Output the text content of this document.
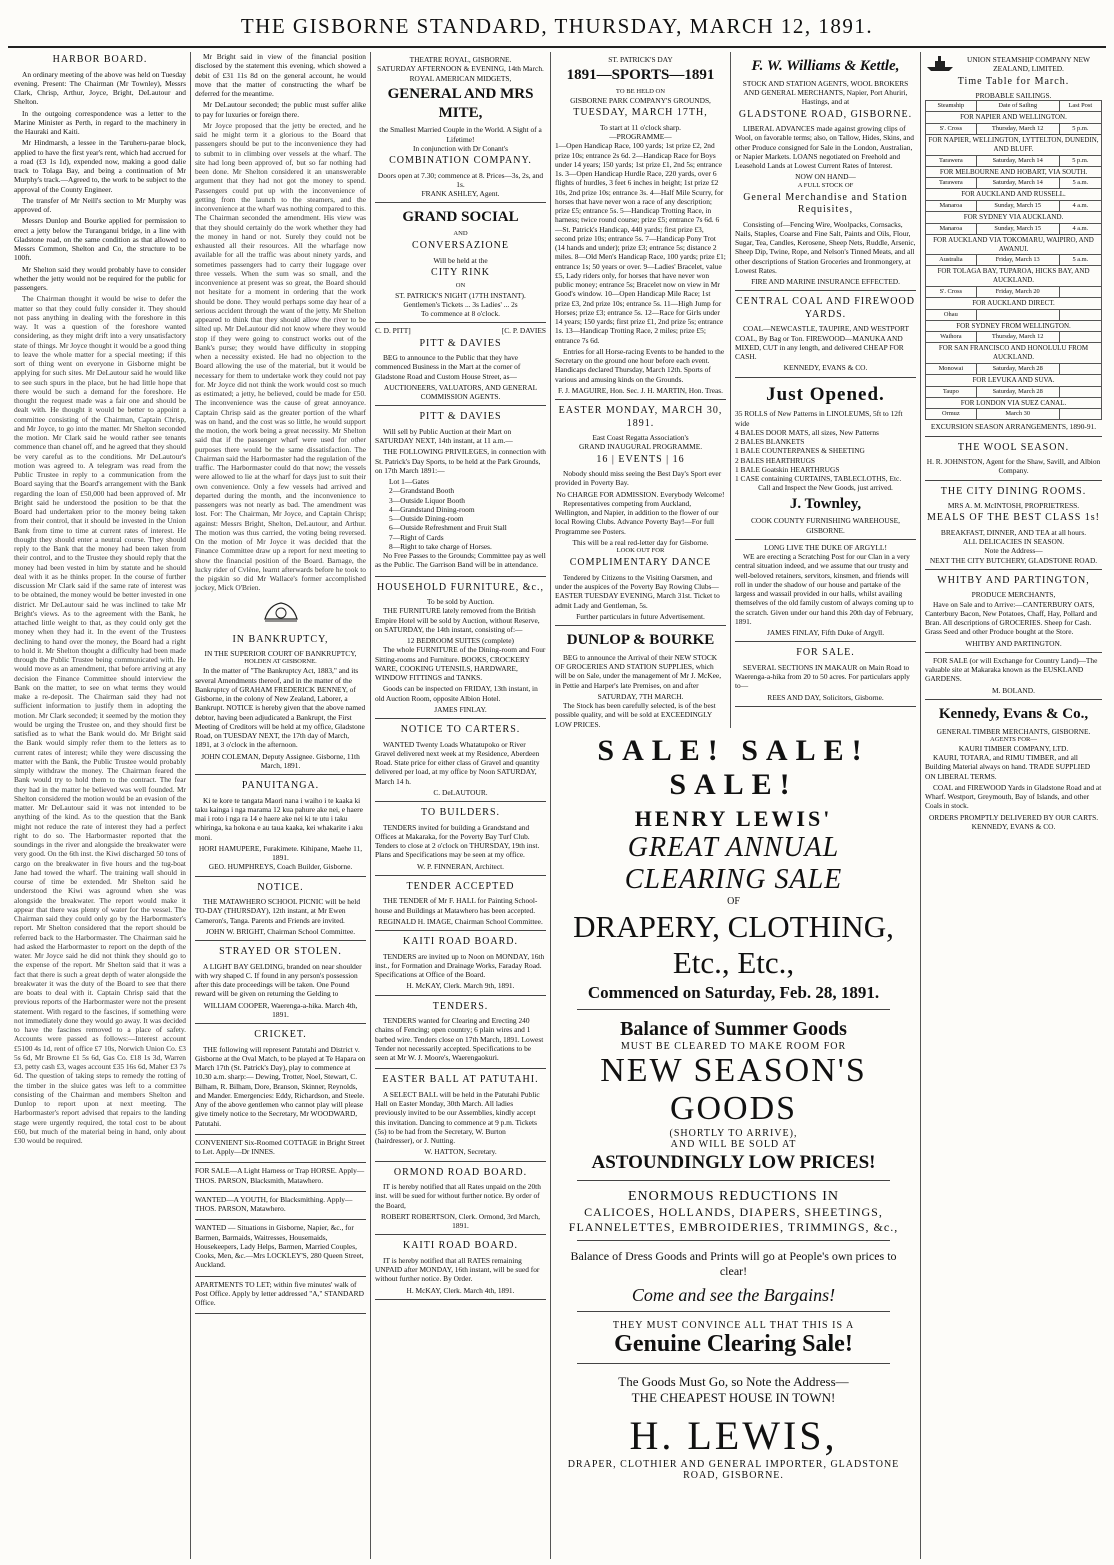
THE GISBORNE STANDARD, THURSDAY, MARCH 12, 1891.
HARBOR BOARD.

An ordinary meeting of the above was held on Tuesday evening. Present: The Chairman (Mr Townley), Messrs Clark, Chrisp, Arthur, Joyce, Bright, DeLautour and Shelton.

In the outgoing correspondence was a letter to the Marine Minister as Perth, in regard to the machinery in the Hauraki and Kaiti.

Mr Hindmarsh, a lessee in the Taruheru-parae block, applied to have the first year's rent, which had accrued for a road (£3 1s 1d), expended now, making a good dalie track to Tolaga Bay, and being a continuation of Mr Murphy's track.—Agreed to, the work to be subject to the approval of the County Engineer.

The transfer of Mr Neill's section to Mr Murphy was approved of.

Messrs Dunlop and Bourke applied for permission to erect a jetty below the Turanganui bridge, in a line with Gladstone road, on the same condition as that allowed to Messrs Common, Shelton and Co, the structure to be 100ft.

Mr Shelton said they would probably have to consider whether the jetty would not be required for the public for passengers.

The Chairman thought it would be wise to defer the matter so that they could fully consider it. They should not pass anything in dealing with the foreshore in this way. It was a question of the foreshore wanted considering, as they might drift into a very unsatisfactory state of things. Mr Joyce thought it would be a good thing to leave the whole matter for a special meeting; if this sort of thing went on everyone in Gisborne might be applying for such sites. Mr DeLautour said he would like to see such spurs in the place, but he had little hope that there would be such a demand for the foreshore. He thought the request made was a fair one and should be dealt with. He thought it would be better to appoint a committee consisting of the Chairman, Captain Chrisp, and Mr Joyce, to go into the matter. Mr Shelton seconded the motion. Mr Clark said he would rather see tenants commence than chanel off, and he agreed that they should be very careful as to the conditions. Mr DeLautour's motion was agreed to. A telegram was read from the Public Trustee in reply to a communication from the Board saying that the Board's arrangement with the Bank regarding the loan of £50,000 had been approved of. Mr Bright said he understood the position to be that the Board had undertaken prior to the money being taken from their control, that it should be invested in the Union Bank from time to time at current rates of interest. He thought they should enter a neutral course. They should reply to the Bank that the money had been taken from their control, and to the Trustee they should reply that the money had been vested in him by statute and he should deal with it as he thinks proper. In the course of further discussion Mr Clark said if the same rate of interest was to be obtained, the money would be better invested in one district. Mr DeLautour said he was inclined to take Mr Bright's views. As to the agreement with the Bank, he attached little weight to that, as they could only get the money when they had it. In the event of the Trustees declining to hand over the money, the Board had a right to hold it. Mr Shelton thought a difficulty had been made through the Public Trustee being communicated with. He would move as an amendment, that before arriving at any decision the Finance Committee should interview the Bank on the matter, to see on what terms they would make a re-deposit. The Chairman said they had not sufficient information to justify them in adopting the motion. Mr Clark seconded; it seemed by the motion they would be urging the Trustee on, and they should first be satisfied as to what the Bank would do. Mr Bright said the Bank would simply refer them to the letters as to current rates of interest; while they were discussing the matter with the Bank, the Public Trustee would probably simply withdraw the money. The Chairman feared the Bank would try to hold them to the contract. The fear they had in the matter he believed was well founded. Mr Shelton considered the motion would be an evasion of the matter. Mr DeLautour said it was not intended to be anything of the kind. As to the question that the Bank might not reduce the rate of interest they had a perfect right to do so. The Harbormaster reported that the soundings in the river and alongside the breakwater were very good. On the 6th inst. the Kiwi discharged 50 tons of cargo on the breakwater in five hours and the tug-boat Jane had towed the wharf. The training wall should in course of time be extended. Mr Shelton said he understood the Kiwi was aground when she was alongside the breakwater. The report would make it appear that there was plenty of water for the vessel. The Chairman said they could only go by the Harbormaster's report. Mr Shelton considered that the report should be referred back to the Harbormaster. The Chairman said he had asked the Harbormaster to report on the depth of the water. Mr Joyce said he did not think they should go to the expense of the report. Mr Shelton said that it was a fact that there is such a great depth of water alongside the breakwater it was the duty of the Board to see that there are boats to deal with it. Captain Chrisp said that the previous reports of the Harbormaster were not the present statement. With regard to the fascines, if something were not immediately done they would go away. It was decided to have the fascines removed to a place of safety. Accounts were passed as follows:—Interest account £5100 4s 1d, rent of office £7 10s, Norwich Union Co. £3 5s 6d, Mr Browne £1 5s 6d, Gas Co. £18 1s 3d, Warren £3, petty cash £3, wages account £35 16s 6d, Maher £3 7s 6d. The question of taking steps to remedy the rotting of the timber in the sluice gates was left to a committee consisting of the Chairman and members Shelton and Dunlop to report upon at next meeting. The Harbormaster's report advised that repairs to the landing stage were urgently required, the total cost to be about £60, but much of the material being in hand, only about £30 would be required.

Mr Bright said in view of the financial position disclosed by the statement this evening, which showed a debit of £31 11s 8d on the general account, he would move that the matter of constructing the wharf be deferred for the meantime.

Mr DeLautour seconded; the public must suffer alike to pay for luxuries or foreign there.

Mr Joyce proposed that the jetty be erected, and he said he might term it a glorious to the Board that passengers should be put to the inconvenience they had to submit to in climbing over vessels at the wharf. The site had long been approved of, but so far nothing had been done. Mr Shelton considered it an unanswerable argument that they had not got the money to spend. Passengers could put up with the inconvenience of getting from the launch to the steamers, and the inconvenience at the wharf was nothing compared to this. The Chairman seconded the amendment. His view was that they should certainly do the work whether they had the money in hand or not. Surely they could not be exhausted all their resources. All the wharfage now available for all the traffic was about ninety yards, and sometimes passengers had to carry their luggage over three vessels. When the sum was so small, and the inconvenience at present was so great, the Board should not hesitate for a moment in ordering that the work should be done. They would perhaps some day hear of a serious accident through the want of the jetty. Mr Shelton appeared to think that they should allow the river to be silted up. Mr DeLautour did not know where they would stop if they were going to construct works out of the Bank's purse; they would have difficulty in stopping when a necessity existed. He had no objection to the Board allowing the use of the material, but it would be necessary for them to undertake work they could not pay for. Mr Joyce did not think the work would cost so much as estimated; a jetty, he believed, could be made for £50. The inconvenience was the cause of great annoyance. Captain Chrisp said as the greater portion of the wharf was on hand, and the cost was so little, he would support the motion, the work being a great necessity. Mr Shelton said that if the passenger wharf were used for other purposes there would be the same dissatisfaction. The Chairman said the Harbormaster had the regulation of the traffic. The Harbormaster could do that now; the vessels were allowed to lie at the wharf for days just to suit their own convenience. Only a few vessels had arrived and departed during the month, and the inconvenience to passengers was not nearly as bad. The amendment was lost. For: The Chairman, Mr Joyce, and Captain Chrisp; against: Messrs Bright, Shelton, DeLautour, and Arthur. The motion was thus carried, the voting being reversed. On the motion of Mr Joyce it was decided that the Finance Committee draw up a report for next meeting to show the financial position of the Board. Barnage, the lucky rider of Cvlène, learnt afterwards before he took to the pigskin so did Mr Wallace's former accomplished jockey, Mick O'Brien.

IN BANKRUPTCY,
IN THE SUPERIOR COURT OF BANKRUPTCY,
HOLDEN AT GISBORNE.

In the matter of "The Bankruptcy Act, 1883," and its several Amendments thereof, and in the matter of the Bankruptcy of GRAHAM FREDERICK BENNEY, of Gisborne, in the colony of New Zealand, Laborer, a Bankrupt. NOTICE is hereby given that the above named debtor, having been adjudicated a Bankrupt, the First Meeting of Creditors will be held at my office, Gladstone Road, on TUESDAY NEXT, the 17th day of March, 1891, at 3 o'clock in the afternoon.

JOHN COLEMAN, Deputy Assignee. Gisborne, 11th March, 1891.
PANUITANGA.

Ki te kore te tangata Maori nana i waiho i te kaaka ki taku kainga i nga marama 12 kua pahure ake nei, e haere mai i roto i nga ra 14 e haere ake nei ki te utu i taku whiringa, ka hokona e au taua kaaka, kei whakarite i aku moni.

HORI HAMUPERE, Furakimete. Kihipane, Maehe 11, 1891.
GEO. HUMPHREYS, Coach Builder, Gisborne.
NOTICE.

THE MATAWHERO SCHOOL PICNIC will be held TO-DAY (THURSDAY), 12th instant, at Mr Ewen Cameron's, Tanga. Parents and Friends are invited.

JOHN W. BRIGHT, Chairman School Committee.
STRAYED OR STOLEN.

A LIGHT BAY GELDING, branded on near shoulder with wry shaped C. If found in any person's possession after this date proceedings will be taken. One Pound reward will be given on returning the Gelding to

WILLIAM COOPER, Waerenga-a-hika. March 4th, 1891.
CRICKET.

THE following will represent Patutahi and District v. Gisborne at the Oval Match, to be played at Te Hapara on March 17th (St. Patrick's Day), play to commence at 10.30 a.m. sharp:— Dewing, Trotter, Noel, Stewart, C. Bilham, R. Bilham, Dore, Branson, Skinner, Reynolds, and Mander. Emergencies: Eddy, Richardson, and Steele. Any of the above gentlemen who cannot play will please give timely notice to the Secretary, Mr WOODWARD, Patutahi.

CONVENIENT Six-Roomed COTTAGE in Bright Street to Let. Apply—Dr INNES.

FOR SALE—A Light Harness or Trap HORSE. Apply—THOS. PARSON, Blacksmith, Matawhero.

WANTED—A YOUTH, for Blacksmithing. Apply—THOS. PARSON, Matawhero.

WANTED — Situations in Gisborne, Napier, &c., for Barmen, Barmaids, Waitresses, Housemaids, Housekeepers, Lady Helps, Barmen, Married Couples, Cooks, Men, &c.—Mrs LOCKLEY'S, 280 Queen Street, Auckland.

APARTMENTS TO LET; within five minutes' walk of Post Office. Apply by letter addressed "A," STANDARD Office.

THEATRE ROYAL, GISBORNE.
SATURDAY AFTERNOON & EVENING, 14th March.
ROYAL AMERICAN MIDGETS,
GENERAL AND MRS MITE,
the Smallest Married Couple in the World. A Sight of a Lifetime!
In conjunction with Dr Conant's
COMBINATION COMPANY.
Doors open at 7.30; commence at 8. Prices—3s, 2s, and 1s.
FRANK ASHLEY, Agent.
GRAND SOCIAL
AND
CONVERSAZIONE
Will be held at the
CITY RINK
ON
ST. PATRICK'S NIGHT (17TH INSTANT).
Gentlemen's Tickets ... 3s Ladies' ... 2s
To commence at 8 o'clock.
C. D. PITT]	[C. P. DAVIES
PITT & DAVIES

BEG to announce to the Public that they have commenced Business in the Mart at the corner of Gladstone Road and Custom House Street, as—

AUCTIONEERS, VALUATORS, AND GENERAL COMMISSION AGENTS.
PITT & DAVIES

Will sell by Public Auction at their Mart on SATURDAY NEXT, 14th instant, at 11 a.m.—

THE FOLLOWING PRIVILEGES, in connection with St. Patrick's Day Sports, to be held at the Park Grounds, on 17th March 1891:—

Lot 1—Gates
2—Grandstand Booth
3—Outside Liquor Booth
4—Grandstand Dining-room
5—Outside Dining-room
6—Outside Refreshment and Fruit Stall
7—Right of Cards
8—Right to take charge of Horses.

No Free Passes to the Grounds; Committee pay as well as the Public. The Garrison Band will be in attendance.

HOUSEHOLD FURNITURE, &c.,
To be sold by Auction.

THE FURNITURE lately removed from the British Empire Hotel will be sold by Auction, without Reserve, on SATURDAY, the 14th instant, consisting of:—

12 BEDROOM SUITES (complete)

The whole FURNITURE of the Dining-room and Four Sitting-rooms and Furniture. BOOKS, CROCKERY WARE, COOKING UTENSILS, HARDWARE, WINDOW FITTINGS and TANKS.

Goods can be inspected on FRIDAY, 13th instant, in old Auction Room, opposite Albion Hotel.

JAMES FINLAY.
NOTICE TO CARTERS.

WANTED Twenty Loads Whatatupoko or River Gravel delivered next week at my Residence, Aberdeen Road. State price for either class of Gravel and quantity delivered per load, at my office by Noon SATURDAY, March 14 h.

C. DeLAUTOUR.
TO BUILDERS.

TENDERS invited for building a Grandstand and Offices at Makaraka, for the Poverty Bay Turf Club. Tenders to close at 2 o'clock on THURSDAY, 19th inst. Plans and Specifications may be seen at my office.

W. P. FINNERAN, Architect.
TENDER ACCEPTED

THE TENDER of Mr F. HALL for Painting School-house and Buildings at Matawhero has been accepted.

REGINALD H. IMAGE, Chairman School Committee.
KAITI ROAD BOARD.

TENDERS are invited up to Noon on MONDAY, 16th inst., for Formation and Drainage Works, Faraday Road. Specifications at Office of the Board.

H. McKAY, Clerk. March 9th, 1891.
TENDERS.

TENDERS wanted for Clearing and Erecting 240 chains of Fencing; open country; 6 plain wires and 1 barbed wire. Tenders close on 17th March, 1891. Lowest Tender not necessarily accepted. Specifications to be seen at Mr W. J. Moore's, Waerengaokuri.

EASTER BALL AT PATUTAHI.

A SELECT BALL will be held in the Patutahi Public Hall on Easter Monday, 30th March. All ladies previously invited to be our Assemblies, kindly accept this invitation. Dancing to commence at 9 p.m. Tickets (5s) to be had from the Secretary, W. Burton (hairdresser), or J. Nutting.

W. HATTON, Secretary.
ORMOND ROAD BOARD.

IT is hereby notified that all Rates unpaid on the 20th inst. will be sued for without further notice. By order of the Board,

ROBERT ROBERTSON, Clerk. Ormond, 3rd March, 1891.
KAITI ROAD BOARD.

IT is hereby notified that all RATES remaining UNPAID after MONDAY, 16th instant, will be sued for without further notice. By Order.

H. McKAY, Clerk. March 4th, 1891.
ST. PATRICK'S DAY
1891—SPORTS—1891
TO BE HELD ON
GISBORNE PARK COMPANY'S GROUNDS,
TUESDAY, MARCH 17TH,
To start at 11 o'clock sharp.
—PROGRAMME—

1—Open Handicap Race, 100 yards; 1st prize £2, 2nd prize 10s; entrance 2s 6d. 2—Handicap Race for Boys under 14 years; 150 yards; 1st prize £1, 2nd 5s; entrance 1s. 3—Open Handicap Hurdle Race, 220 yards, over 6 flights of hurdles, 3 feet 6 inches in height; 1st prize £2 10s, 2nd prize 10s; entrance 3s. 4—Half Mile Scurry, for horses that have never won a race of any description; prize £5; entrance 5s. 5—Handicap Trotting Race, in harness; twice round course; prize £5; entrance 7s 6d. 6—St. Patrick's Handicap, 440 yards; first prize £3, second prize 10s; entrance 5s. 7—Handicap Pony Trot (14 hands and under); prize £3; entrance 5s; distance 2 miles. 8—Old Men's Handicap Race, 100 yards; prize £1; entrance 1s; 50 years or over. 9—Ladies' Bracelet, value £5, Lady riders only, for horses that have never won public money; entrance 5s; Bracelet now on view in Mr Good's window. 10—Open Handicap Mile Race; 1st prize £3, 2nd prize 10s; entrance 5s. 11—High Jump for Horses; prize £3; entrance 5s. 12—Race for Girls under 14 years; 150 yards; first prize £1, 2nd prize 5s; entrance 1s. 13—Handicap Trotting Race, 2 miles; prize £5; entrance 7s 6d.

Entries for all Horse-racing Events to be handed to the Secretary on the ground one hour before each event. Handicaps declared Thursday, March 12th. Sports of various and amusing kinds on the Grounds.

F. J. MAGUIRE, Hon. Sec. J. H. MARTIN, Hon. Treas.
EASTER MONDAY, MARCH 30, 1891.
East Coast Regatta Association's
GRAND INAUGURAL PROGRAMME.
16 | EVENTS | 16

Nobody should miss seeing the Best Day's Sport ever provided in Poverty Bay.

No CHARGE FOR ADMISSION. Everybody Welcome!

Representatives competing from Auckland, Wellington, and Napier, in addition to the flower of our local Rowing Clubs. Advance Poverty Bay!—For full Programme see Posters.

This will be a real red-letter day for Gisborne.
LOOK OUT FOR
COMPLIMENTARY DANCE

Tendered by Citizens to the Visiting Oarsmen, and under the auspices of the Poverty Bay Rowing Clubs—EASTER TUESDAY EVENING, March 31st. Ticket to admit Lady and Gentleman, 5s.

Further particulars in future Advertisement.
DUNLOP & BOURKE

BEG to announce the Arrival of their NEW STOCK OF GROCERIES AND STATION SUPPLIES, which will be on Sale, under the management of Mr J. McKee, in Pettie and Harper's late Premises, on and after

SATURDAY, 7TH MARCH.

The Stock has been carefully selected, is of the best possible quality, and will be sold at EXCEEDINGLY LOW PRICES.

F. W. Williams & Kettle,
STOCK AND STATION AGENTS, WOOL BROKERS AND GENERAL MERCHANTS, Napier, Port Ahuriri, Hastings, and at
GLADSTONE ROAD, GISBORNE.

LIBERAL ADVANCES made against growing clips of Wool, on favorable terms; also, on Tallow, Hides, Skins, and other Produce consigned for Sale in the London, Australian, or Napier Markets. LOANS negotiated on Freehold and Leasehold Lands at Lowest Current Rates of Interest.

NOW ON HAND—
A FULL STOCK OF
General Merchandise and Station Requisites,

Consisting of—Fencing Wire, Woolpacks, Cornsacks, Nails, Staples, Coarse and Fine Salt, Paints and Oils, Flour, Sugar, Tea, Candles, Kerosene, Sheep Nets, Ruddle, Arsenic, Sheep Dip, Twine, Rope, and Nelson's Tinned Meats, and all other descriptions of Station Groceries and Ironmongery, at Lowest Rates.

FIRE AND MARINE INSURANCE EFFECTED.
CENTRAL COAL AND FIREWOOD YARDS.

COAL—NEWCASTLE, TAUPIRE, AND WESTPORT COAL, By Bag or Ton. FIREWOOD—MANUKA AND MIXED, CUT in any length, and delivered CHEAP FOR CASH.

KENNEDY, EVANS & CO.
Just Opened.
35 ROLLS of New Patterns in LINOLEUMS, 5ft to 12ft wide
4 BALES DOOR MATS, all sizes, New Patterns
2 BALES BLANKETS
1 BALE COUNTERPANES & SHEETING
2 BALES HEARTHRUGS
1 BALE Goatskin HEARTHRUGS
1 CASE containing CURTAINS, TABLECLOTHS, Etc.
Call and Inspect the New Goods, just arrived.
J. Townley,
COOK COUNTY FURNISHING WAREHOUSE, GISBORNE.
LONG LIVE THE DUKE OF ARGYLL!

WE are erecting a Scratching Post for our Clan in a very central situation indeed, and we assume that our trusty and well-beloved retainers, servitors, kinsmen, and friends will roll in under the shadow of our house and partake of the largess and wassail provided in our halls, whilst availing themselves of the old family custom of always coming up to the scratch. Given under our hand this 20th day of February, 1891.

JAMES FINLAY, Fifth Duke of Argyll.
FOR SALE.

SEVERAL SECTIONS IN MAKAUR on Main Road to Waerenga-a-hika from 20 to 50 acres. For particulars apply to—

REES AND DAY, Solicitors, Gisborne.
UNION STEAMSHIP COMPANY NEW ZEALAND, LIMITED.
Time Table for March.
PROBABLE SAILINGS.
Steamship	Date of Sailing	Last Post
FOR NAPIER AND WELLINGTON.		
S'. Cross	Thursday, March 12	5 p.m.
FOR NAPIER, WELLINGTON, LYTTELTON, DUNEDIN, AND BLUFF.		
Tarawera	Saturday, March 14	5 p.m.
FOR MELBOURNE AND HOBART, VIA SOUTH.		
Tarawera	Saturday, March 14	5 a.m.
FOR AUCKLAND AND RUSSELL.		
Manaroa	Sunday, March 15	4 a.m.
FOR SYDNEY VIA AUCKLAND.		
Manaroa	Sunday, March 15	4 a.m.
FOR AUCKLAND VIA TOKOMARU, WAIPIRO, AND AWANUI.		
Australia	Friday, March 13	5 a.m.
FOR TOLAGA BAY, TUPAROA, HICKS BAY, AND AUCKLAND.		
S'. Cross	Friday, March 20	
FOR AUCKLAND DIRECT.		
Ohau		
FOR SYDNEY FROM WELLINGTON.		
Waihora	Thursday, March 12	
FOR SAN FRANCISCO AND HONOLULU FROM AUCKLAND.		
Monowai	Saturday, March 28	
FOR LEVUKA AND SUVA.		
Taupo	Saturday, March 28	
FOR LONDON VIA SUEZ CANAL.		
Ormuz	March 30	
EXCURSION SEASON ARRANGEMENTS, 1890-91.
THE WOOL SEASON.
H. R. JOHNSTON, Agent for the Shaw, Savill, and Albion Company.
THE CITY DINING ROOMS.
MRS A. M. McINTOSH, PROPRIETRESS.
MEALS OF THE BEST CLASS 1s!
BREAKFAST, DINNER, AND TEA at all hours.
ALL DELICACIES IN SEASON.
Note the Address—
NEXT THE CITY BUTCHERY, GLADSTONE ROAD.
WHITBY AND PARTINGTON,
PRODUCE MERCHANTS,

Have on Sale and to Arrive:—CANTERBURY OATS, Canterbury Bacon, New Potatoes, Chaff, Hay, Pollard and Bran. All descriptions of GROCERIES. Sheep for Cash. Grass Seed and other Produce bought at the Store.

WHITBY AND PARTINGTON.

FOR SALE (or will Exchange for Country Land)—The valuable site at Makaraka known as the EUSKLAND GARDENS.

M. BOLAND.
Kennedy, Evans & Co.,
GENERAL TIMBER MERCHANTS, GISBORNE.
AGENTS FOR—
KAURI TIMBER COMPANY, LTD.

KAURI, TOTARA, and RIMU TIMBER, and all Building Material always on hand. TRADE SUPPLIED ON LIBERAL TERMS.

COAL and FIREWOOD Yards in Gladstone Road and at Wharf. Westport, Greymouth, Bay of Islands, and other Coals in stock.

ORDERS PROMPTLY DELIVERED BY OUR CARTS.
KENNEDY, EVANS & CO.
SALE! SALE! SALE!
HENRY LEWIS'
GREAT ANNUAL CLEARING SALE
OF
DRAPERY, CLOTHING, Etc., Etc.,
Commenced on Saturday, Feb. 28, 1891.
Balance of Summer Goods
MUST BE CLEARED TO MAKE ROOM FOR
NEW SEASON'S GOODS
(SHORTLY TO ARRIVE),
AND WILL BE SOLD AT
ASTOUNDINGLY LOW PRICES!
ENORMOUS REDUCTIONS IN
CALICOES, HOLLANDS, DIAPERS, SHEETINGS,
FLANNELETTES, EMBROIDERIES, TRIMMINGS, &c.,
Balance of Dress Goods and Prints will go at People's own prices to clear!
Come and see the Bargains!
THEY MUST CONVINCE ALL THAT THIS IS A
Genuine Clearing Sale!
The Goods Must Go, so Note the Address—
THE CHEAPEST HOUSE IN TOWN!
H. LEWIS,
DRAPER, CLOTHIER AND GENERAL IMPORTER, GLADSTONE ROAD, GISBORNE.
